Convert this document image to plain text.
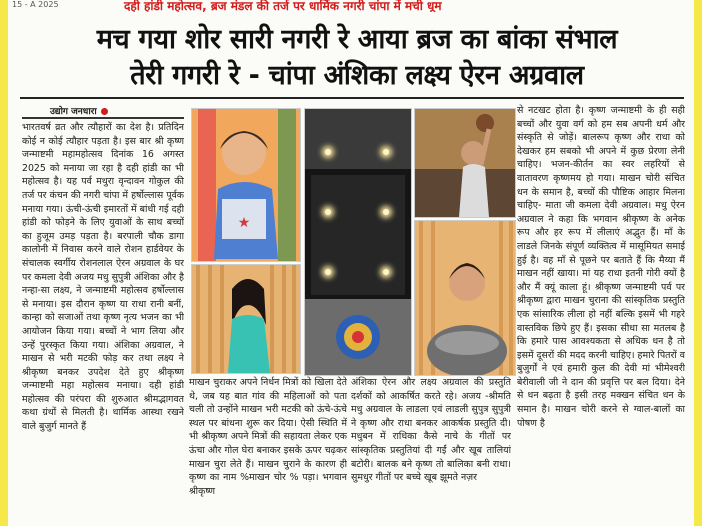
15 - A 2025	दही हांडी महोत्सव, ब्रज मंडल की तर्ज पर धार्मिक नगरी चांपा में मची धूम
मच गया शोर सारी नगरी रे आया ब्रज का बांका संभाल
तेरी गगरी रे - चांपा अंशिका लक्ष्य ऐरन अग्रवाल
उद्योग जनधारा
भारतवर्ष व्रत और त्यौहारों का देश है। प्रतिदिन कोई न कोई त्यौहार पड़ता है। इस बार श्री कृष्ण जन्माष्टमी महामहोत्सव दिनांक 16 अगस्त 2025 को मनाया जा रहा है दही हांडी का भी महोत्सव है। यह पर्व मथुरा वृन्दावन गोकुल की तर्ज पर कंचन की नगरी चांपा में हर्षोल्लास पूर्वक मनाया गया। ऊंची-ऊंची इमारतों में बांधी गई दही हांडी को फोड़ने के लिए युवाओं के साथ बच्चों का हुजूम उमड़ पड़ता है। बरपाली चौक डागा कालोनी में निवास करने वाले रोशन हार्डवेयर के संचालक स्वर्गीय रोशनलाल ऐरन अग्रवाल के घर पर कमला देवी अजय मधु सुपुत्री अंशिका और है नन्हा-सा लक्ष्य, ने जन्माष्टमी महोत्सव हर्षोल्लास से मनाया। इस दौरान कृष्ण या राधा रानी बनीं, कान्हा को सजाओं तथा कृष्ण नृत्य भजन का भी आयोजन किया गया। बच्चों ने भाग लिया और उन्हें पुरस्कृत किया गया। अंशिका अग्रवाल, ने माखन से भरी मटकी फोड़ कर तथा लक्ष्य ने श्रीकृष्ण बनकर उपदेश देते हुए श्रीकृष्ण जन्माष्टमी महा महोत्सव मनाया। दही हांडी महोत्सव की परंपरा की शुरुआत श्रीमद्भागवत कथा ग्रंथों से मिलती है। धार्मिक आस्था रखने वाले बुजुर्ग मानते हैं
माखन चुराकर अपने निर्धन मित्रों को खिला देते थे, जब यह बात गांव की महिलाओं को पता चली तो उन्होंने माखन भरी मटकी को ऊंचे-ऊंचे स्थल पर बांधना शुरू कर दिया। ऐसी स्थिति में भी श्रीकृष्ण अपने मित्रों की सहायता लेकर एक ऊंचा और गोल घेरा बनाकर इसके ऊपर चढ़कर माखन चुरा लेते हैं। माखन चुराने के कारण ही कृष्ण का नाम %माखन चोर % पड़ा। भगवान श्रीकृष्ण
अंशिका ऐरन और लक्ष्य अग्रवाल की प्रस्तुति दर्शकों को आकर्षित करते रहे। अजय -श्रीमति मधु अग्रवाल के लाडला एवं लाडली सुपुत्र सुपुत्री ने कृष्ण और राधा बनकर आकर्षक प्रस्तुति दी। मधुबन में राधिका कैसे नाचे के गीतों पर सांस्कृतिक प्रस्तुतियां दी गईं और खूब तालियां बटोरी। बालक बने कृष्ण तो बालिका बनी राधा। सुमधुर गीतों पर बच्चे खूब झूमते नज़र
से नटखट होता है। कृष्ण जन्माष्टमी के ही सही बच्चों और युवा वर्ग को हम सब अपनी धर्म और संस्कृति से जोड़ें। बालरूप कृष्ण और राधा को देखकर हम सबको भी अपने में कुछ प्रेरणा लेनी चाहिए। भजन-कीर्तन का स्वर लहरियों से वातावरण कृष्णमय हो गया। माखन चोरी संचित धन के समान है, बच्चों की पौष्टिक आहार मिलना चाहिए- माता जी कमला देवी अग्रवाल। मधु ऐरन अग्रवाल ने कहा कि भगवान श्रीकृष्ण के अनेक रूप और हर रूप में लीलाएं अद्भुत हैं। माँ के लाडले जिनके संपूर्ण व्यक्तित्व में मासूमियत समाई हुई है। वह माँ से पूछने पर बताते हैं कि मैय्या मैं माखन नहीं खाया। मां यह राधा इतनी गोरी क्यों है और मैं क्यूं काला हूं। श्रीकृष्ण जन्माष्टमी पर्व पर श्रीकृष्ण द्वारा माखन चुराना की सांस्कृतिक प्रस्तुति एक सांसारिक लीला हो नहीं बल्कि इसमें भी गहरे वास्तविक छिपे हुए हैं। इसका सीधा सा मतलब है कि हमारे पास आवश्यकता से अधिक धन है तो इसमें दूसरों की मदद करनी चाहिए। हमारे पितरों व बुजुर्गों ने एवं हमारी कुल की देवी मां भीमेश्वरी बेरीवाली जी ने दान की प्रवृत्ति पर बल दिया। देने से धन बढ़ता है इसी तरह मक्खन संचित धन के समान है। माखन चोरी करने से ग्वाल-बालों का पोषण है
★
